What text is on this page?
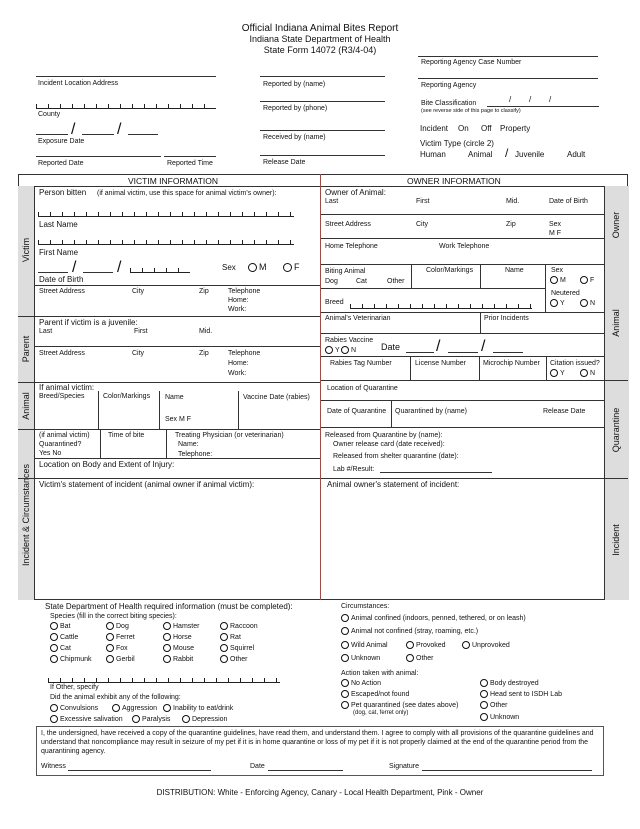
Official Indiana Animal Bites Report
Indiana State Department of Health
State Form 14072 (R3/4-04)
Reporting Agency Case Number
Reporting Agency
Incident Location Address	Reported by (name)
County
Reported by (phone)
Bite Classification	/ / /
(see reverse side of this page to classify)
/	/
Exposure Date
Received by (name)
Incident On Off Property
Victim Type (circle 2)
Human	Animal / Juvenile	Adult
Reported Date	Reported Time	Release Date
VICTIM INFORMATION	OWNER INFORMATION
Victim
Parent
Animal
Incident & Circumstances
Owner
Animal
Quarantine
Incident
Person bitten (if animal victim, use this space for animal victim's owner):
Last Name
First Name
/	/
Date of Birth
Sex	M	F
Street Address	City	Zip	Telephone
Home:
Work:
Parent if victim is a juvenile:
Last	First	Mid.
Street Address	City	Zip	Telephone
Home:
Work:
If animal victim:
Breed/Species	Color/Markings Name
Sex M F
Vaccine Date (rabies)
(if animal victim)
Quarantined?
Yes No
Time of bite	Treating Physician (or veterinarian)
Name:
Telephone:
Location on Body and Extent of Injury:
Victim's statement of incident (animal owner if animal victim):
Owner of Animal:
Last	First	Mid.	Date of Birth
Street Address	City	Zip	Sex
M F
Home Telephone	Work Telephone
Biting Animal
Dog	Cat	Other
Color/Markings	Name	Sex
M	F
Neutered
Y	N
Breed
Animal's Veterinarian	Prior Incidents
Rabies Vaccine
Y N	Date /	/
Rabies Tag Number	License Number Microchip Number Citation issued?
Y	N
Location of Quarantine
Date of Quarantine Quarantined by (name)	Release Date
Released from Quarantine by (name):
Owner release card (date received):
Released from shelter quarantine (date):
Lab #/Result:
Animal owner's statement of incident:
State Department of Health required information (must be completed):
Species (fill in the correct biting species):
Bat	Dog	Hamster	Raccoon
Cattle	Ferret	Horse	Rat
Cat	Fox	Mouse	Squirrel
Chipmunk	Gerbil	Rabbit	Other
If Other, specify
Did the animal exhibit any of the following:
Convulsions	Aggression Inability to eat/drink
Excessive salivation	Paralysis	Depression
Circumstances:
Animal confined (indoors, penned, tethered, or on leash)
Animal not confined (stray, roaming, etc.)
Wild Animal	Provoked	Unprovoked
Unknown	Other
Action taken with animal:
No Action	Body destroyed
Escaped/not found	Head sent to ISDH Lab
Pet quarantined (see dates above)
(dog, cat, ferret only)
Other
Unknown
I, the undersigned, have received a copy of the quarantine guidelines, have read them, and understand them. I agree to comply with all provisions of the quarantine guidelines and understand that noncompliance may result in seizure of my pet if it is in home quarantine or loss of my pet if it is not properly claimed at the end of the quarantine period from the quarantining agency.
Witness	Date	Signature
DISTRIBUTION: White - Enforcing Agency, Canary - Local Health Department, Pink - Owner
